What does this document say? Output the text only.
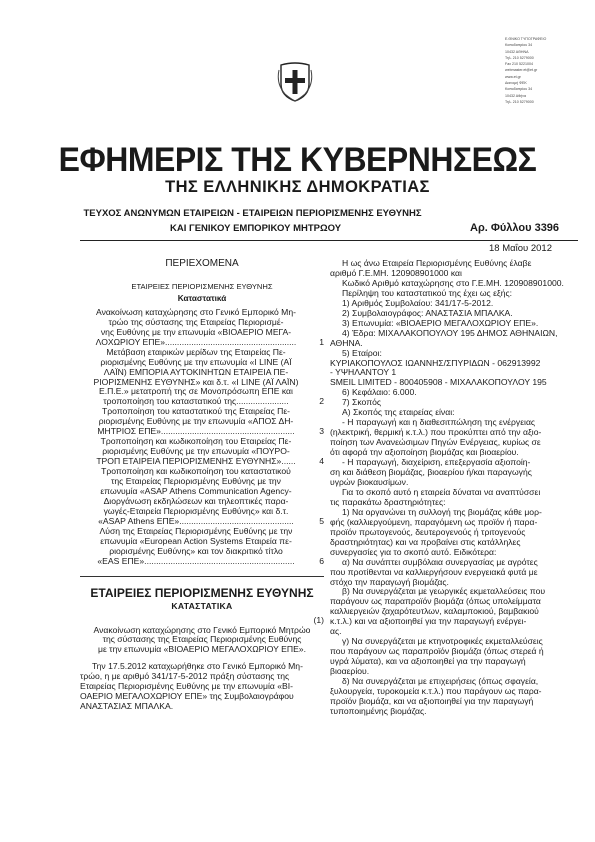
Ε.ΘΝΙΚΟ ΤΥΠΟΓΡΑΦΕΙΟ
Καποδιστρίου 34
10432 ΑΘΗΝΑ
Τηλ. 210 5279000
Fax 210 5221004
webmaster.et@et.gr
www.et.gr
Διανομή ΦΕΚ
Καποδιστρίου 34
10432 Αθήνα
Τηλ. 210 5279000
ΕΦΗΜΕΡΙΣ ΤΗΣ ΚΥΒΕΡΝΗΣΕΩΣ
ΤΗΣ ΕΛΛΗΝΙΚΗΣ ΔΗΜΟΚΡΑΤΙΑΣ
ΤΕΥΧΟΣ ΑΝΩΝΥΜΩΝ ΕΤΑΙΡΕΙΩΝ - ΕΤΑΙΡΕΙΩΝ ΠΕΡΙΟΡΙΣΜΕΝΗΣ ΕΥΘΥΝΗΣ
ΚΑΙ ΓΕΝΙΚΟΥ ΕΜΠΟΡΙΚΟΥ ΜΗΤΡΩΟΥ	Αρ. Φύλλου 3396
18 Μαΐου 2012
ΠΕΡΙΕΧΟΜΕΝΑ
ΕΤΑΙΡΕΙΕΣ ΠΕΡΙΟΡΙΣΜΕΝΗΣ ΕΥΘΥΝΗΣ
Καταστατικά
Ανακοίνωση καταχώρησης στο Γενικό Εμπορικό Μη-
τρώο της σύστασης της Εταιρείας Περιορισμέ-
νης Ευθύνης με την επωνυμία «ΒΙΟΑΕΡΙΟ ΜΕΓΑ-
ΛΟΧΩΡΙΟΥ ΕΠΕ».......................................................	1
Μετάβαση εταιρικών μερίδων της Εταιρείας Πε-
ριορισμένης Ευθύνης με την επωνυμία «I LINE (ΑΪ
ΛΑΪΝ) ΕΜΠΟΡΙΑ ΑΥΤΟΚΙΝΗΤΩΝ ΕΤΑΙΡΕΙΑ ΠΕ-
ΡΙΟΡΙΣΜΕΝΗΣ ΕΥΘΥΝΗΣ» και δ.τ. «I LINE (ΑΪ ΛΑΪΝ)
Ε.Π.Ε.» μετατροπή της σε Μονοπρόσωπη ΕΠΕ και
τροποποίηση του καταστατικού της......................	2
Τροποποίηση του καταστατικού της Εταιρείας Πε-
ριορισμένης Ευθύνης με την επωνυμία «ΑΠΟΣ ΔΗ-
ΜΗΤΡΙΟΣ ΕΠΕ»........................................................	3
Τροποποίηση και κωδικοποίηση του Εταιρείας Πε-
ριορισμένης Ευθύνης με την επωνυμία «ΠΟΥΡΟ-
ΤΡΟΠ ΕΤΑΙΡΕΙΑ ΠΕΡΙΟΡΙΣΜΕΝΗΣ ΕΥΘΥΝΗΣ»......	4
Τροποποίηση και κωδικοποίηση του καταστατικού
της Εταιρείας Περιορισμένης Ευθύνης με την
επωνυμία «ASAP Athens Communication Agency-
Διοργάνωση εκδηλώσεων και τηλεοπτικές παρα-
γωγές-Εταιρεία Περιορισμένης Ευθύνης» και δ.τ.
«ASAP Athens ΕΠΕ»................................................	5
Λύση της Εταιρείας Περιορισμένης Ευθύνης με την
επωνυμία «European Action Systems Εταιρεία πε-
ριορισμένης Ευθύνης» και τον διακριτικό τίτλο
«EAS ΕΠΕ»...............................................................	6
ΕΤΑΙΡΕΙΕΣ ΠΕΡΙΟΡΙΣΜΕΝΗΣ ΕΥΘΥΝΗΣ
ΚΑΤΑΣΤΑΤΙΚΑ
(1)
Ανακοίνωση καταχώρησης στο Γενικό Εμπορικό Μητρώο
της σύστασης της Εταιρείας Περιορισμένης Ευθύνης
με την επωνυμία «ΒΙΟΑΕΡΙΟ ΜΕΓΑΛΟΧΩΡΙΟΥ ΕΠΕ».
Την 17.5.2012 καταχωρήθηκε στο Γενικό Εμπορικό Μη-
τρώο, η με αριθμό 341/17-5-2012 πράξη σύστασης της
Εταιρείας Περιορισμένης Ευθύνης με την επωνυμία «ΒΙ-
ΟΑΕΡΙΟ ΜΕΓΑΛΟΧΩΡΙΟΥ ΕΠΕ» της Συμβολαιογράφου
ΑΝΑΣΤΑΣΙΑΣ ΜΠΑΛΚΑ.
Η ως άνω Εταιρεία Περιορισμένης Ευθύνης έλαβε
αριθμό Γ.Ε.ΜΗ. 120908901000 και
Κωδικό Αριθμό καταχώρησης στο Γ.Ε.ΜΗ. 120908901000.
Περίληψη του καταστατικού της έχει ως εξής:
1) Αριθμός Συμβολαίου: 341/17-5-2012.
2) Συμβολαιογράφος: ΑΝΑΣΤΑΣΙΑ ΜΠΑΛΚΑ.
3) Επωνυμία: «ΒΙΟΑΕΡΙΟ ΜΕΓΑΛΟΧΩΡΙΟΥ ΕΠΕ».
4) Έδρα: ΜΙΧΑΛΑΚΟΠΟΥΛΟΥ 195 ΔΗΜΟΣ ΑΘΗΝΑΙΩΝ,
ΑΘΗΝΑ.
5) Εταίροι:
ΚΥΡΙΑΚΟΠΟΥΛΟΣ ΙΩΑΝΝΗΣ/ΣΠΥΡΙΔΩΝ - 062913992
- ΥΨΗΛΑΝΤΟΥ 1
SMEIL LIMITED - 800405908 - ΜΙΧΑΛΑΚΟΠΟΥΛΟΥ 195
6) Κεφάλαιο: 6.000.
7) Σκοπός
Α) Σκοπός της εταιρείας είναι:
- Η παραγωγή και η διαθεσιτπώληση της ενέργειας
(ηλεκτρική, θερμική κ.τ.λ.) που προκύπτει από την αξιο-
ποίηση των Ανανεώσιμων Πηγών Ενέργειας, κυρίως σε
ότι αφορά την αξιοποίηση βιομάζας και βιοαερίου.
- Η παραγωγή, διαχείριση, επεξεργασία αξιοποίη-
ση και διάθεση βιομάζας, βιοαερίου ή/και παραγωγής
υγρών βιοκαυσίμων.
Για το σκοπό αυτό η εταιρεία δύναται να αναπτύσσει
τις παρακάτω δραστηριότητες:
1) Να οργανώνει τη συλλογή της βιομάζας κάθε μορ-
φής (καλλιεργούμενη, παραγόμενη ως προϊόν ή παρα-
προϊόν πρωτογενούς, δευτερογενούς ή τριτογενούς
δραστηριότητας) και να προβαίνει στις κατάλληλες
συνεργασίες για το σκοπό αυτό. Ειδικότερα:
α) Να συνάπτει συμβόλαια συνεργασίας με αγρότες
που προτίθενται να καλλιεργήσουν ενεργειακά φυτά με
στόχο την παραγωγή βιομάζας.
β) Να συνεργάζεται με γεωργικές εκμεταλλεύσεις που
παράγουν ως παραπροϊόν βιομάζα (όπως υπολείμματα
καλλιεργειών ζαχαρότευτλων, καλαμποκιού, βαμβακιού
κ.τ.λ.) και να αξιοποιηθεί για την παραγωγή ενέργει-
ας.
γ) Να συνεργάζεται με κτηνοτροφικές εκμεταλλεύσεις
που παράγουν ως παραπροϊόν βιομάζα (όπως στερεά ή
υγρά λύματα), και να αξιοποιηθεί για την παραγωγή
βιοαερίου.
δ) Να συνεργάζεται με επιχειρήσεις (όπως σφαγεία,
ξυλουργεία, τυροκομεία κ.τ.λ.) που παράγουν ως παρα-
προϊόν βιομάζα, και να αξιοποιηθεί για την παραγωγή
τυποποιημένης βιομάζας.
